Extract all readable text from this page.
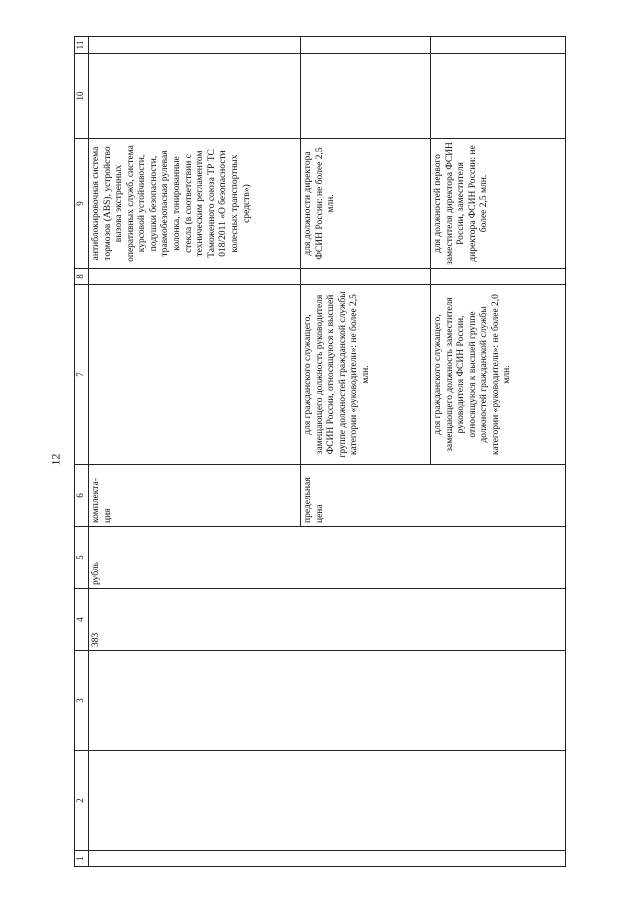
12
1	2	3	4	5	6	7	8	9	10	11
			383	рубль	комплекта-ция			антиблокировочная система тормозов (ABS), устройство вызова экстренных оперативных служб, система курсовой устойчивости, подушки безопасности, травмобезопасная рулевая колонка, тонированные стекла (в соответствии с техническим регламентом Таможенного союза ТР ТС 018/2011 «О безопасности колесных транспортных средств»)		
					предельная цена	для гражданского служащего, замещающего должность руководителя ФСИН России, относящуюся к высшей группе должностей гражданской службы категории «руководители»: не более 2,5 млн.		для должности директора ФСИН России: не более 2,5 млн.		
						для гражданского служащего, замещающего должность заместителя руководителя ФСИН России, относящуюся к высшей группе должностей гражданской службы категории «руководители»: не более 2,0 млн.		для должностей первого заместителя директора ФСИН России, заместителя директора ФСИН России: не более 2,5 млн.		
